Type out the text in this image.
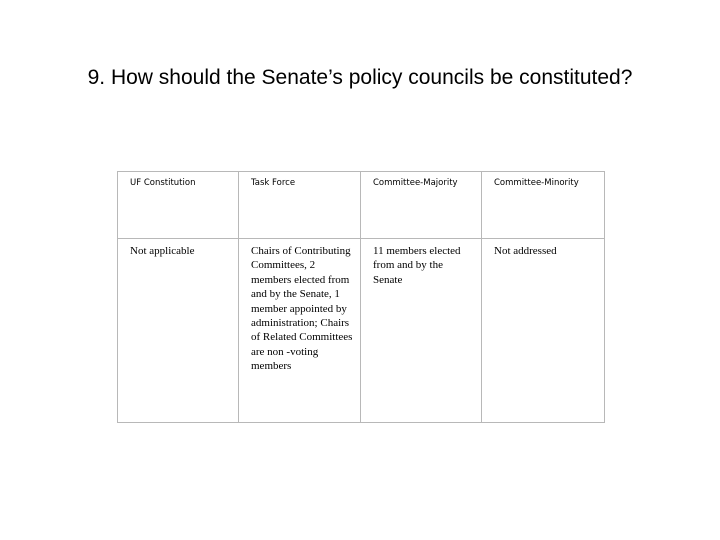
9. How should the Senate’s policy councils be constituted?
UF Constitution	Task Force	Committee-Majority	Committee-Minority
Not applicable	Chairs of Contributing Committees, 2 members elected from and by the Senate, 1 member appointed by administration; Chairs of Related Committees are non -voting members	11 members elected from and by the Senate	Not addressed
